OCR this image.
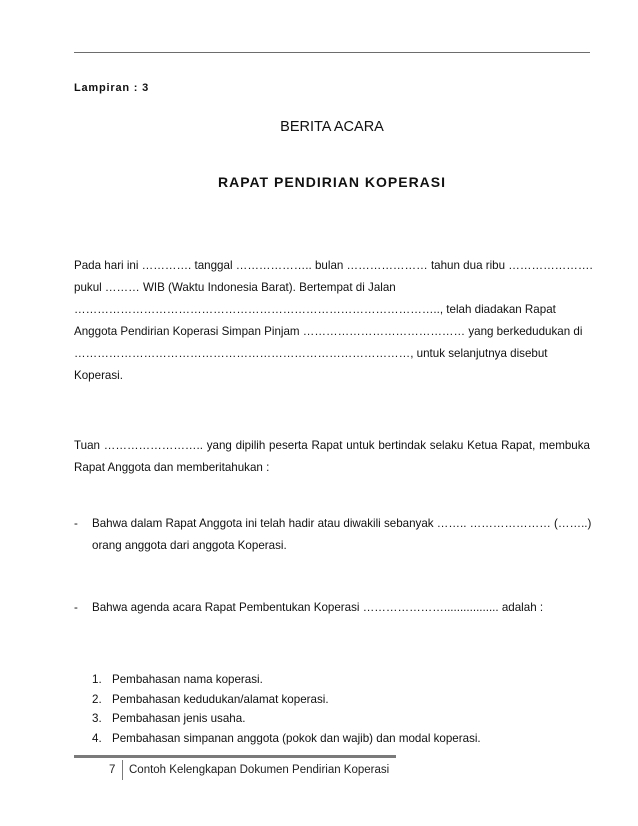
Lampiran : 3
BERITA ACARA
RAPAT PENDIRIAN KOPERASI

Pada hari ini …………. tanggal ……………….. bulan ………………… tahun dua ribu ………………….
pukul ……… WIB (Waktu Indonesia Barat). Bertempat di Jalan
………………………………………………………………………………….., telah diadakan Rapat
Anggota Pendirian Koperasi Simpan Pinjam …………………………………… yang berkedudukan di
……………………………………………………………………………, untuk selanjutnya disebut
Koperasi.

Tuan …………………….. yang dipilih peserta Rapat untuk bertindak selaku Ketua Rapat, membuka
Rapat Anggota dan memberitahukan :

- Bahwa dalam Rapat Anggota ini telah hadir atau diwakili sebanyak …….. ………………… (……..)
orang anggota dari anggota Koperasi.
- Bahwa agenda acara Rapat Pembentukan Koperasi …………………................. adalah :
1. Pembahasan nama koperasi.
2. Pembahasan kedudukan/alamat koperasi.
3. Pembahasan jenis usaha.
4. Pembahasan simpanan anggota (pokok dan wajib) dan modal koperasi.
7 Contoh Kelengkapan Dokumen Pendirian Koperasi
